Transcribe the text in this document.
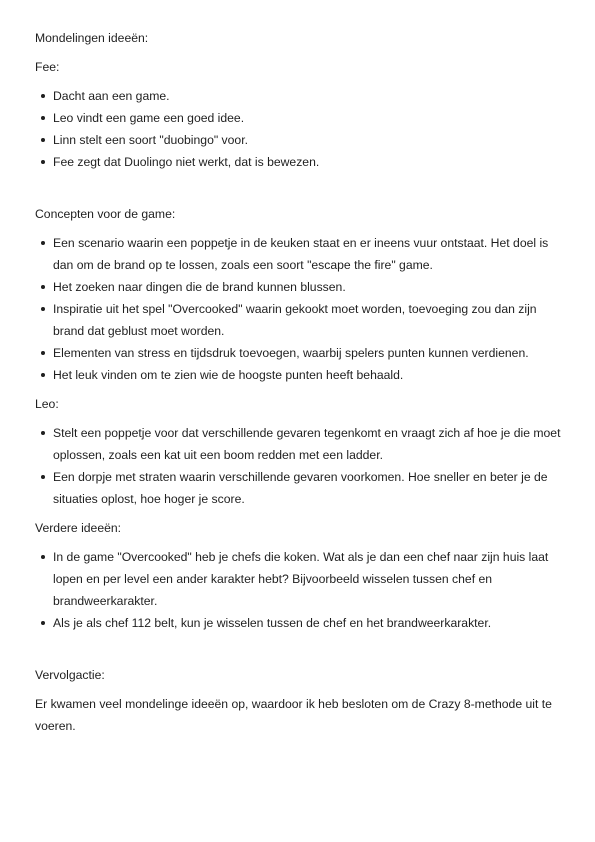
Mondelingen ideeën:

Fee:

Dacht aan een game.
Leo vindt een game een goed idee.
Linn stelt een soort "duobingo" voor.
Fee zegt dat Duolingo niet werkt, dat is bewezen.

Concepten voor de game:

Een scenario waarin een poppetje in de keuken staat en er ineens vuur ontstaat. Het doel is dan om de brand op te lossen, zoals een soort "escape the fire" game.
Het zoeken naar dingen die de brand kunnen blussen.
Inspiratie uit het spel "Overcooked" waarin gekookt moet worden, toevoeging zou dan zijn brand dat geblust moet worden.
Elementen van stress en tijdsdruk toevoegen, waarbij spelers punten kunnen verdienen.
Het leuk vinden om te zien wie de hoogste punten heeft behaald.

Leo:

Stelt een poppetje voor dat verschillende gevaren tegenkomt en vraagt zich af hoe je die moet oplossen, zoals een kat uit een boom redden met een ladder.
Een dorpje met straten waarin verschillende gevaren voorkomen. Hoe sneller en beter je de situaties oplost, hoe hoger je score.

Verdere ideeën:

In de game "Overcooked" heb je chefs die koken. Wat als je dan een chef naar zijn huis laat lopen en per level een ander karakter hebt? Bijvoorbeeld wisselen tussen chef en brandweerkarakter.
Als je als chef 112 belt, kun je wisselen tussen de chef en het brandweerkarakter.

Vervolgactie:

Er kwamen veel mondelinge ideeën op, waardoor ik heb besloten om de Crazy 8-methode uit te voeren.
